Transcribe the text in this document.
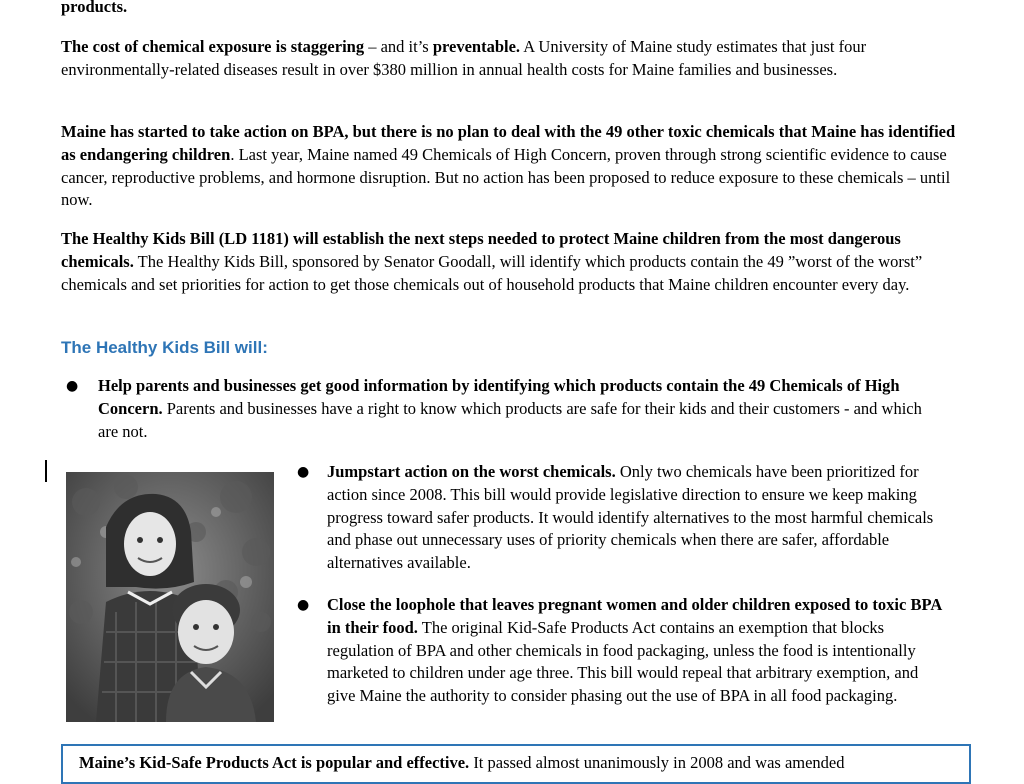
products.

The cost of chemical exposure is staggering – and it’s preventable. A University of Maine study estimates that just four environmentally-related diseases result in over $380 million in annual health costs for Maine families and businesses.

Maine has started to take action on BPA, but there is no plan to deal with the 49 other toxic chemicals that Maine has identified as endangering children. Last year, Maine named 49 Chemicals of High Concern, proven through strong scientific evidence to cause cancer, reproductive problems, and hormone disruption. But no action has been proposed to reduce exposure to these chemicals – until now.

The Healthy Kids Bill (LD 1181) will establish the next steps needed to protect Maine children from the most dangerous chemicals. The Healthy Kids Bill, sponsored by Senator Goodall, will identify which products contain the 49 ”worst of the worst” chemicals and set priorities for action to get those chemicals out of household products that Maine children encounter every day.

The Healthy Kids Bill will:
● Help parents and businesses get good information by identifying which products contain the 49 Chemicals of High Concern. Parents and businesses have a right to know which products are safe for their kids and their customers - and which are not.

● Jumpstart action on the worst chemicals. Only two chemicals have been prioritized for action since 2008. This bill would provide legislative direction to ensure we keep making progress toward safer products. It would identify alternatives to the most harmful chemicals and phase out unnecessary uses of priority chemicals when there are safer, affordable alternatives available.

● Close the loophole that leaves pregnant women and older children exposed to toxic BPA in their food. The original Kid-Safe Products Act contains an exemption that blocks regulation of BPA and other chemicals in food packaging, unless the food is intentionally marketed to children under age three. This bill would repeal that arbitrary exemption, and give Maine the authority to consider phasing out the use of BPA in all food packaging.

Maine’s Kid-Safe Products Act is popular and effective. It passed almost unanimously in 2008 and was amended
